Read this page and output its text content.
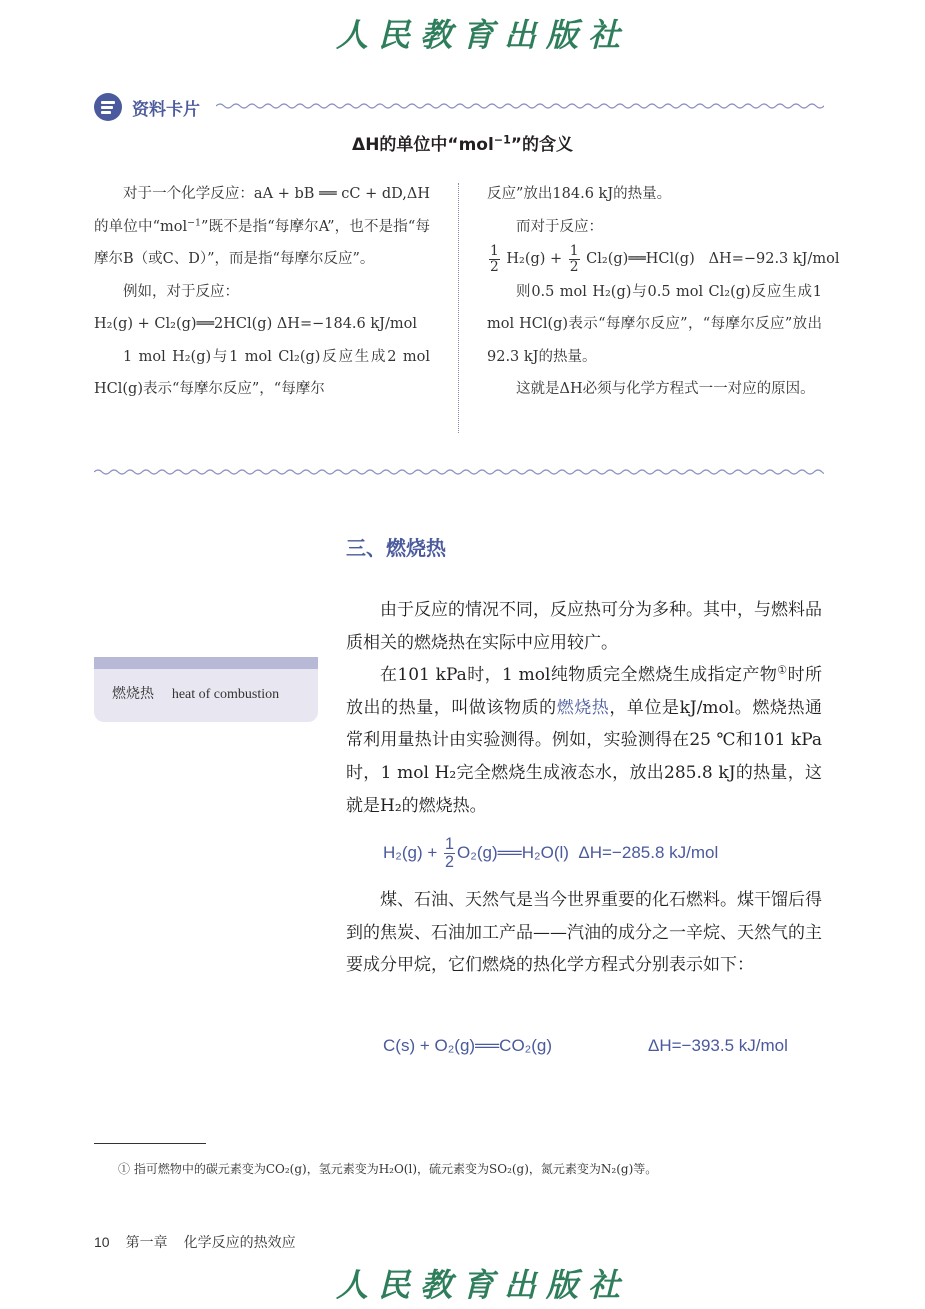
人民教育出版社
资料卡片
ΔH的单位中“mol$^{-1}$”的含义

对于一个化学反应：aA + bB ══ cC + dD,ΔH 的单位中“mol$^{-1}$”既不是指“每摩尔A”，也不是指“每摩尔B（或C、D）”，而是指“每摩尔反应”。

例如，对于反应：

H₂(g) + Cl₂(g)══2HCl(g) ΔH=−184.6 kJ/mol

1 mol H₂(g)与1 mol Cl₂(g)反应生成2 mol HCl(g)表示“每摩尔反应”，“每摩尔

反应”放出184.6 kJ的热量。

而对于反应：

$\frac{1}{2} H_2(g) + \frac{1}{2}$ Cl₂(g)══HCl(g) ΔH=−92.3 kJ/mol

则0.5 mol H₂(g)与0.5 mol Cl₂(g)反应生成1 mol HCl(g)表示“每摩尔反应”，“每摩尔反应”放出92.3 kJ的热量。

这就是ΔH必须与化学方程式一一对应的原因。

三、燃烧热
燃烧热 heat of combustion

由于反应的情况不同，反应热可分为多种。其中，与燃料品质相关的燃烧热在实际中应用较广。

在101 kPa时，1 mol纯物质完全燃烧生成指定产物①时所放出的热量，叫做该物质的燃烧热，单位是kJ/mol。燃烧热通常利用量热计由实验测得。例如，实验测得在25 ℃和101 kPa时，1 mol H₂完全燃烧生成液态水，放出285.8 kJ的热量，这就是H₂的燃烧热。

$H_2(g) + \frac{1}{2}$ O₂(g)══H₂O(l) ΔH=−285.8 kJ/mol

煤、石油、天然气是当今世界重要的化石燃料。煤干馏后得到的焦炭、石油加工产品——汽油的成分之一辛烷、天然气的主要成分甲烷，它们燃烧的热化学方程式分别表示如下：

C(s) + O₂(g)══CO₂(g)	ΔH=−393.5 kJ/mol
① 指可燃物中的碳元素变为CO₂(g)，氢元素变为H₂O(l)，硫元素变为SO₂(g)，氮元素变为N₂(g)等。
10 第一章 化学反应的热效应
人民教育出版社
